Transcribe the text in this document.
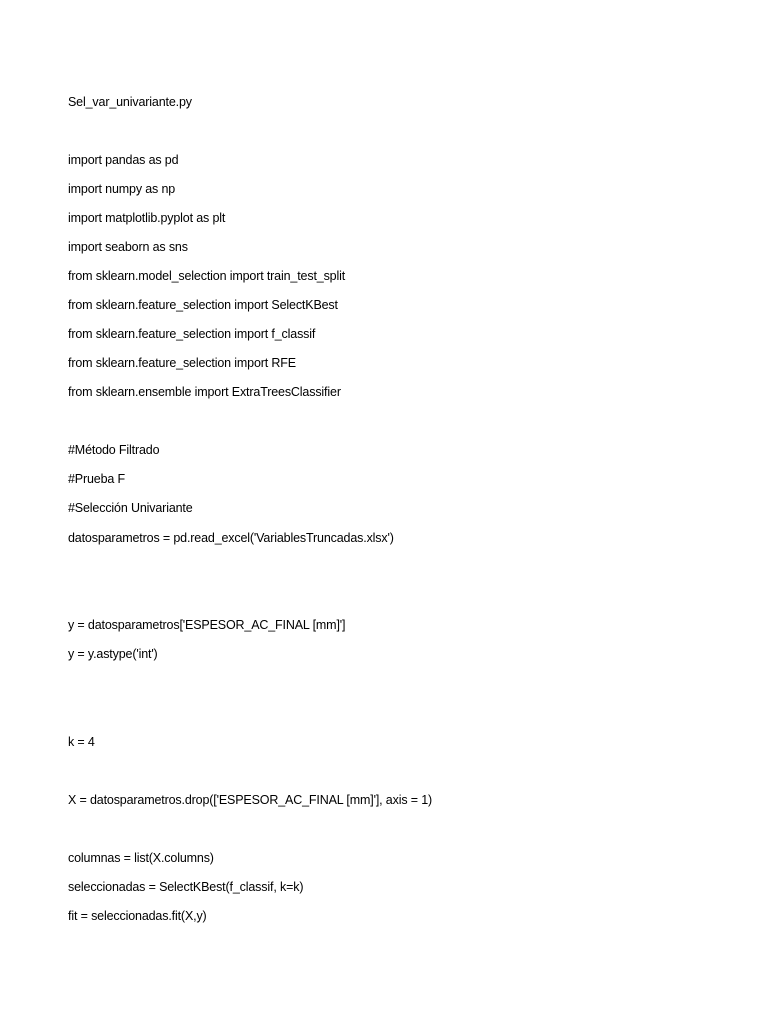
Sel_var_univariante.py
import pandas as pd
import numpy as np
import matplotlib.pyplot as plt
import seaborn as sns
from sklearn.model_selection import train_test_split
from sklearn.feature_selection import SelectKBest
from sklearn.feature_selection import f_classif
from sklearn.feature_selection import RFE
from sklearn.ensemble import ExtraTreesClassifier
#Método Filtrado
#Prueba F
#Selección Univariante
datosparametros = pd.read_excel('VariablesTruncadas.xlsx')
y = datosparametros['ESPESOR_AC_FINAL [mm]']
y = y.astype('int')
k = 4
X = datosparametros.drop(['ESPESOR_AC_FINAL [mm]'], axis = 1)
columnas = list(X.columns)
seleccionadas = SelectKBest(f_classif, k=k)
fit = seleccionadas.fit(X,y)
